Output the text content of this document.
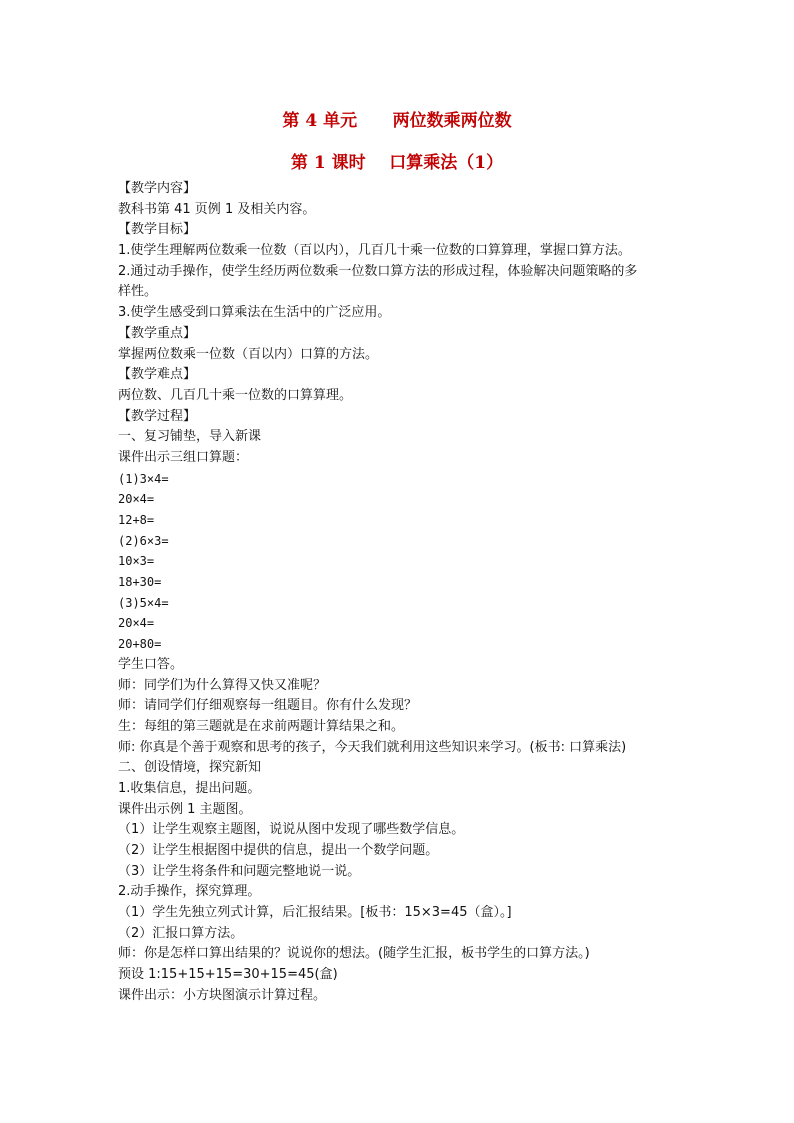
第 4 单元      两位数乘两位数
第 1 课时    口算乘法（1）
【教学内容】
教科书第 41 页例 1 及相关内容。
【教学目标】
1.使学生理解两位数乘一位数（百以内），几百几十乘一位数的口算算理，掌握口算方法。
2.通过动手操作，使学生经历两位数乘一位数口算方法的形成过程，体验解决问题策略的多
样性。
3.使学生感受到口算乘法在生活中的广泛应用。
【教学重点】
掌握两位数乘一位数（百以内）口算的方法。
【教学难点】
两位数、几百几十乘一位数的口算算理。
【教学过程】
一、复习铺垫，导入新课
课件出示三组口算题：
(1)3×4=
20×4=
12+8=
(2)6×3=
10×3=
18+30=
(3)5×4=
20×4=
20+80=
学生口答。
师：同学们为什么算得又快又准呢？
师：请同学们仔细观察每一组题目。你有什么发现？
生：每组的第三题就是在求前两题计算结果之和。
师: 你真是个善于观察和思考的孩子，今天我们就利用这些知识来学习。(板书: 口算乘法)
二、创设情境，探究新知
1.收集信息，提出问题。
课件出示例 1 主题图。
（1）让学生观察主题图，说说从图中发现了哪些数学信息。
（2）让学生根据图中提供的信息，提出一个数学问题。
（3）让学生将条件和问题完整地说一说。
2.动手操作，探究算理。
（1）学生先独立列式计算，后汇报结果。[板书：15×3=45（盒）。]
（2）汇报口算方法。
师：你是怎样口算出结果的？说说你的想法。(随学生汇报，板书学生的口算方法。)
预设 1:15+15+15=30+15=45(盒)
课件出示：小方块图演示计算过程。
